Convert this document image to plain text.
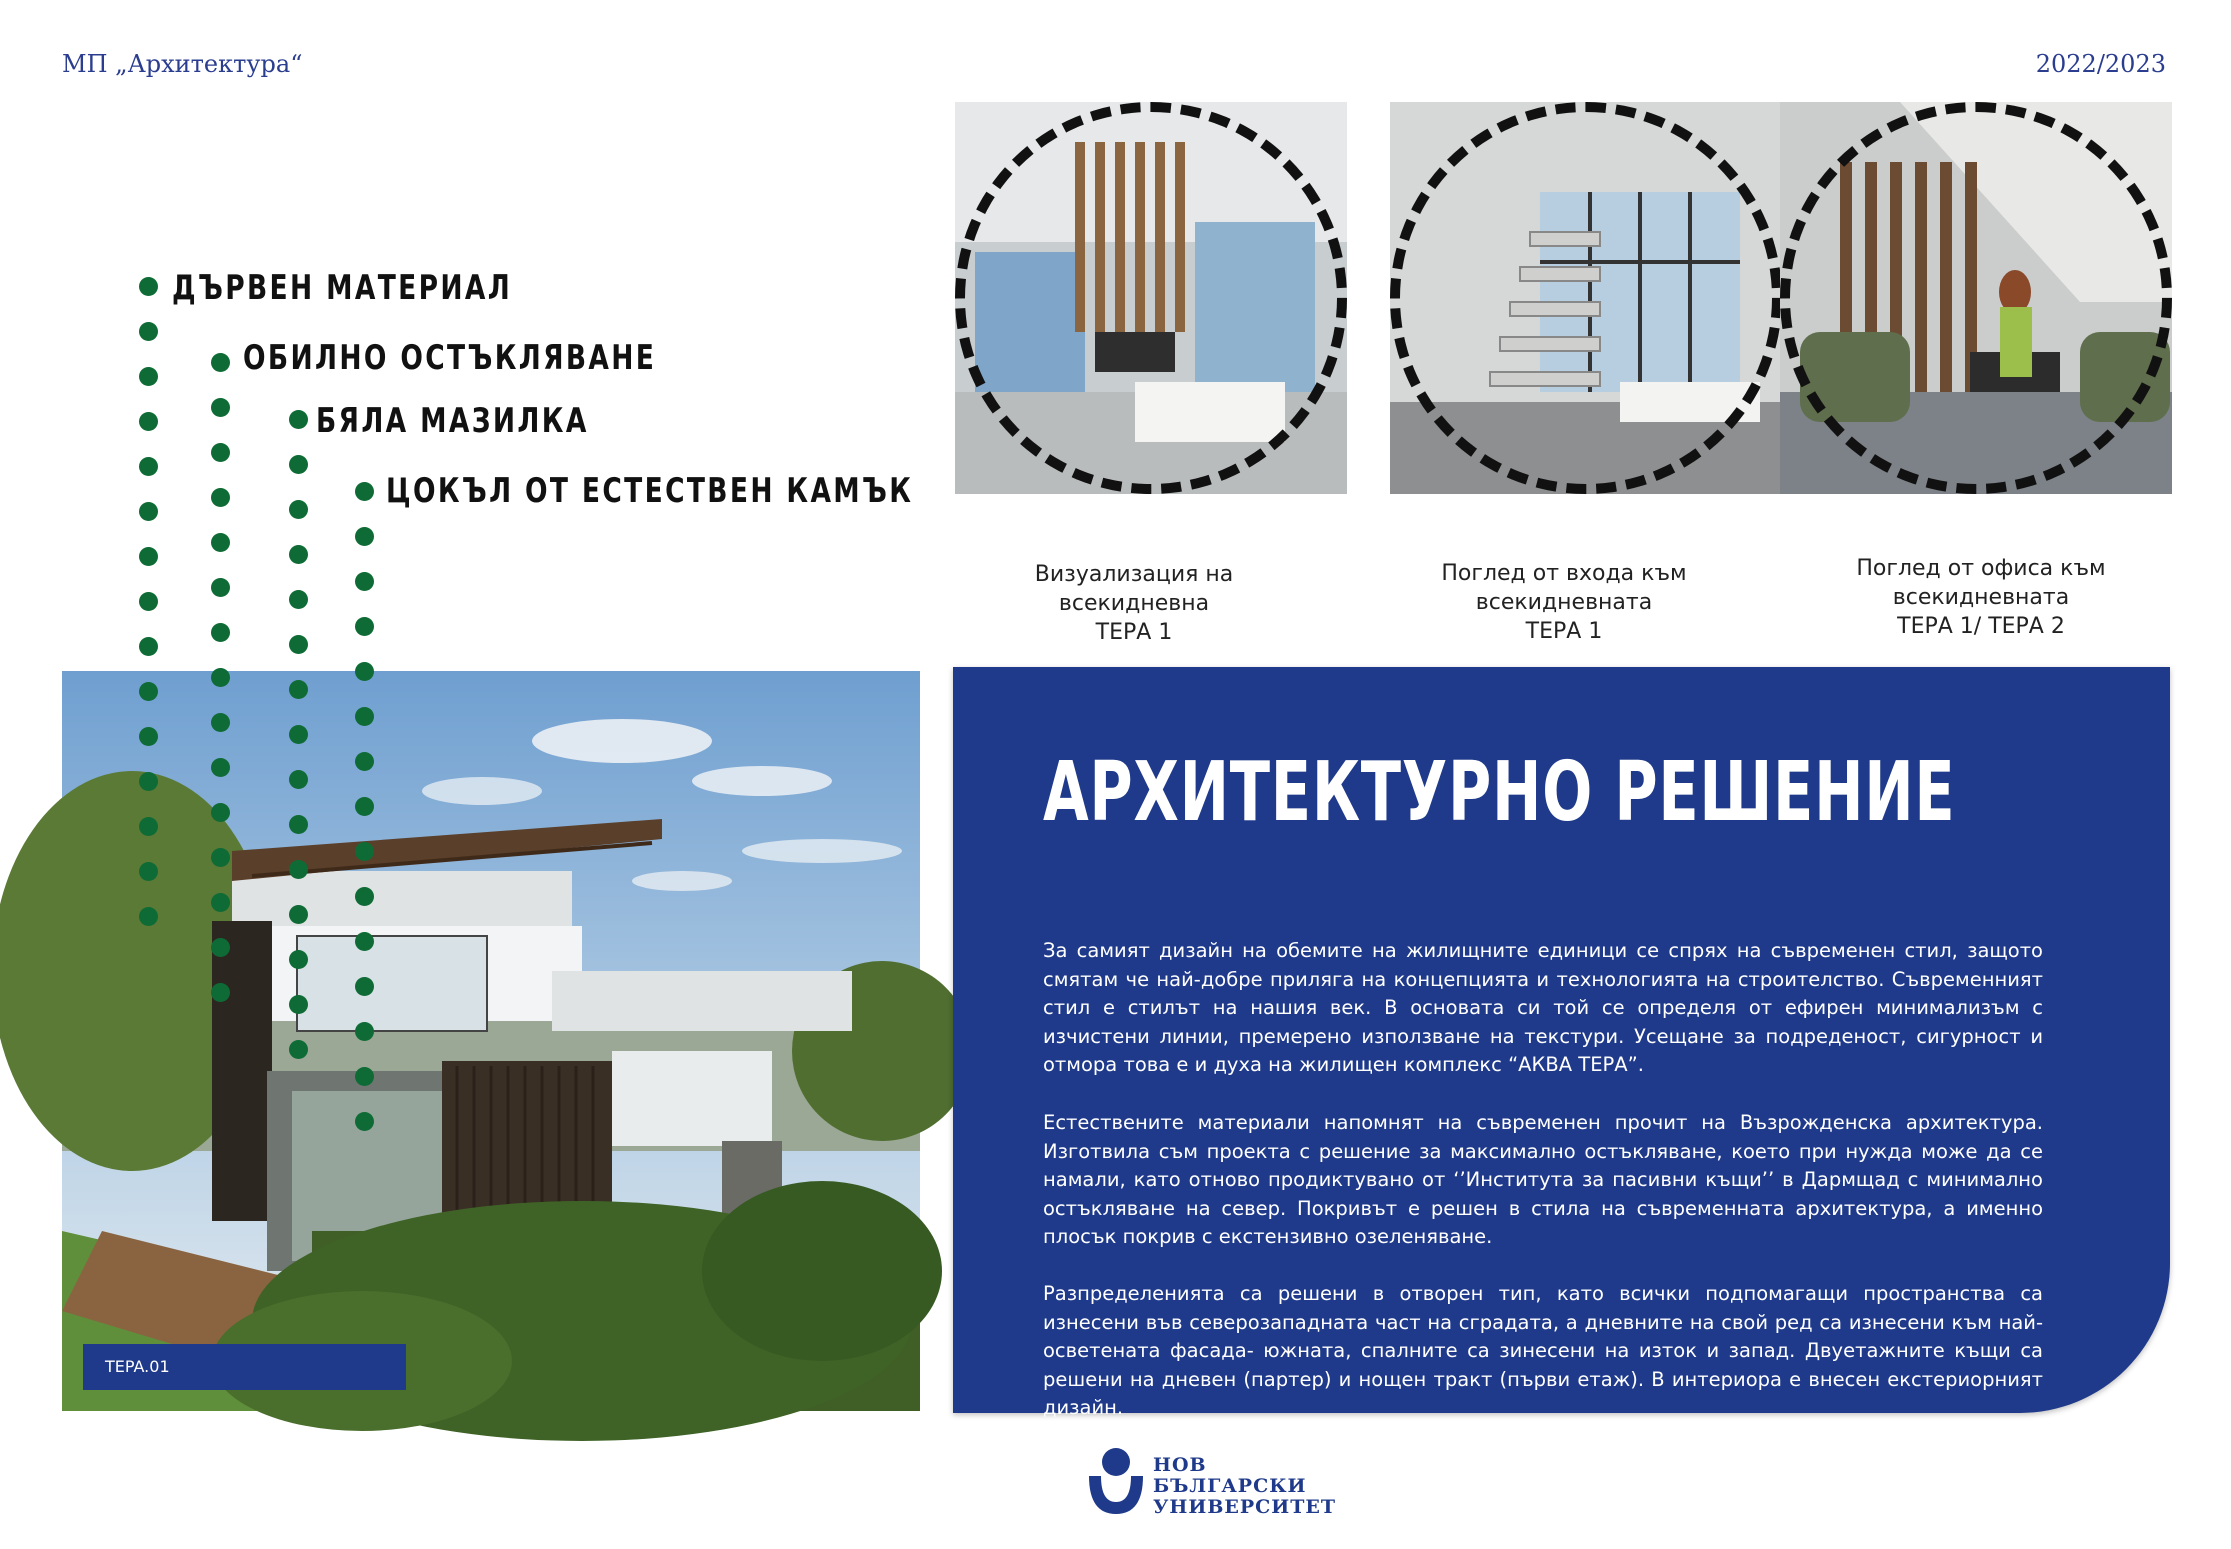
МП „Архитектура“	2022/2023
TEPA.01
ДЪРВЕН МАТЕРИАЛ
ОБИЛНО ОСТЪКЛЯВАНЕ
БЯЛА МАЗИЛКА
ЦОКЪЛ ОТ ЕСТЕСТВЕН КАМЪК
Визуализация на всекидневна
ТЕРА 1
Поглед от входа към
всекидневната
ТЕРА 1
Поглед от офиса към
всекидневната
ТЕРА 1/ ТЕРА 2
АРХИТЕКТУРНО РЕШЕНИЕ
За самият дизайн на обемите на жилищните единици се спрях на съвременен стил, защото смятам че най-добре прилягa на концепцията и технологията на строителство. Съвременният стил е стилът на нашия век. В основата си той се определя от ефирен минимализъм с изчистени линии, премерено използване на текстури. Усещане за подреденост, сигурност и отмора това е и духа на жилищен комплекс “АКВА ТЕРА”.
Естествените материали напомнят на съвременен прочит на Възрожденска архитектура. Изготвила съм проекта с решение за максимално остъкляване, което при нужда може да се намали, като отново продиктувано от ‘’Института за пасивни къщи’’ в Дармщад с минимално остъкляване на север. Покривът е решен в стила на съвременната архитектура, а именно плосък покрив с екстензивно озеленяване.
Разпределенията са решени в отворен тип, като всички подпомагащи пространства са изнесени във северозападната част на сградата, а дневните на свой ред са изнесени към най-осветената фасада- южната, спалните са зинесени на изток и запад. Двуетажните къщи са решени на дневен (партер) и нощен тракт (първи етаж). В интериора е внесен екстериорният дизайн.
НОВ
БЪЛГАРСКИ
УНИВЕРСИТЕТ
